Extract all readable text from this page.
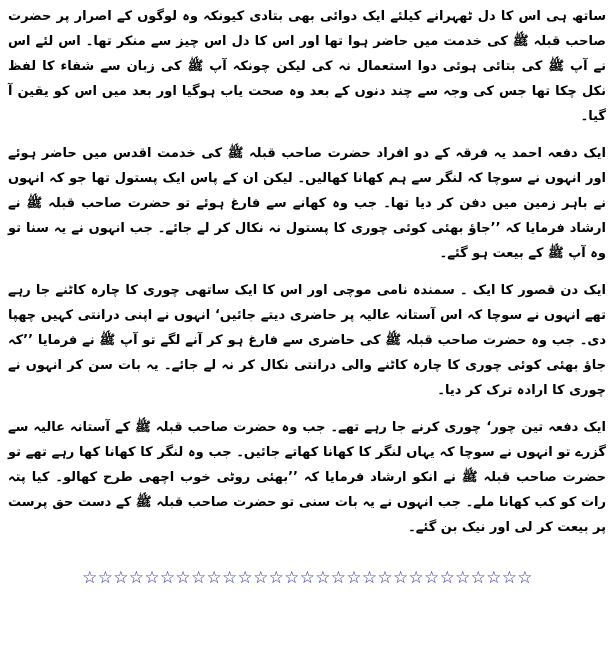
ساتھ ہی اس کا دل ٹھہرانے کیلئے ایک دوائی بھی بتادی کیونکہ وہ لوگوں کے اصرار پر حضرت صاحب قبلہ ﷺ کی خدمت میں حاضر ہوا تھا اور اس کا دل اس چیز سے منکر تھا۔ اس لئے اس نے آپ ﷺ کی بتائی ہوئی دوا استعمال نہ کی لیکن چونکہ آپ ﷺ کی زبان سے شفاء کا لفظ نکل چکا تھا جس کی وجہ سے چند دنوں کے بعد وہ صحت یاب ہوگیا اور بعد میں اس کو یقین آ گیا۔

ایک دفعہ احمد یہ فرقہ کے دو افراد حضرت صاحب قبلہ ﷺ کی خدمت اقدس میں حاضر ہوئے اور انہوں نے سوچا کہ لنگر سے ہم کھانا کھالیں۔ لیکن ان کے پاس ایک پستول تھا جو کہ انہوں نے باہر زمین میں دفن کر دیا تھا۔ جب وہ کھانے سے فارغ ہوئے تو حضرت صاحب قبلہ ﷺ نے ارشاد فرمایا کہ ’’جاؤ بھئی کوئی چوری کا پستول نہ نکال کر لے جائے۔ جب انہوں نے یہ سنا تو وہ آپ ﷺ کے بیعت ہو گئے۔

ایک دن قصور کا ایک ۔ سمندہ نامی موچی اور اس کا ایک ساتھی چوری کا چارہ کاٹنے جا رہے تھے انہوں نے سوچا کہ اس آستانہ عالیہ پر حاضری دیتے جائیں‘ انہوں نے اپنی درانتی کہیں چھپا دی۔ جب وہ حضرت صاحب قبلہ ﷺ کی حاضری سے فارغ ہو کر آنے لگے تو آپ ﷺ نے فرمایا ’’کہ جاؤ بھئی کوئی چوری کا چارہ کاٹنے والی درانتی نکال کر نہ لے جائے۔ یہ بات سن کر انہوں نے چوری کا ارادہ ترک کر دیا۔

ایک دفعہ تین چور‘ چوری کرنے جا رہے تھے۔ جب وہ حضرت صاحب قبلہ ﷺ کے آستانہ عالیہ سے گزرے تو انہوں نے سوچا کہ یہاں لنگر کا کھانا کھاتے جائیں۔ جب وہ لنگر کا کھانا کھا رہے تھے تو حضرت صاحب قبلہ ﷺ نے انکو ارشاد فرمایا کہ ’’بھئی روٹی خوب اچھی طرح کھالو۔ کیا پتہ رات کو کب کھانا ملے۔ جب انہوں نے یہ بات سنی تو حضرت صاحب قبلہ ﷺ کے دست حق پرست پر بیعت کر لی اور نیک بن گئے۔

☆☆☆☆☆☆☆☆☆☆☆☆☆☆☆☆☆☆☆☆☆☆☆☆☆☆☆☆☆
